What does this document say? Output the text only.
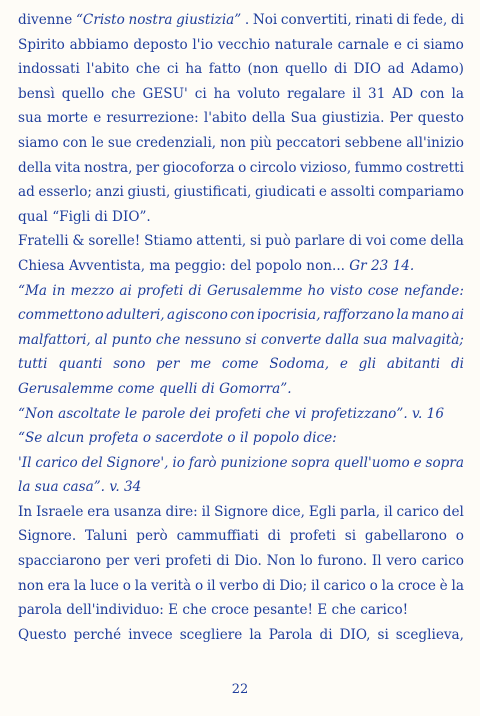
divenne “Cristo nostra giustizia” . Noi convertiti, rinati di fede, di
Spirito abbiamo deposto l'io vecchio naturale carnale e ci siamo
indossati l'abito che ci ha fatto (non quello di DIO ad Adamo)
bensì quello che GESU' ci ha voluto regalare il 31 AD con la
sua morte e resurrezione: l'abito della Sua giustizia. Per questo
siamo con le sue credenziali, non più peccatori sebbene all'inizio
della vita nostra, per giocoforza o circolo vizioso, fummo costretti
ad esserlo; anzi giusti, giustificati, giudicati e assolti compariamo
qual “Figli di DIO”.
Fratelli & sorelle! Stiamo attenti, si può parlare di voi come della
Chiesa Avventista, ma peggio: del popolo non... Gr 23 14.
“Ma in mezzo ai profeti di Gerusalemme ho visto cose nefande:
commettono adulteri, agiscono con ipocrisia, rafforzano la mano ai
malfattori, al punto che nessuno si converte dalla sua malvagità;
tutti quanti sono per me come Sodoma, e gli abitanti di
Gerusalemme come quelli di Gomorra”.
“Non ascoltate le parole dei profeti che vi profetizzano”. v. 16
“Se alcun profeta o sacerdote o il popolo dice:
'Il carico del Signore', io farò punizione sopra quell'uomo e sopra
la sua casa”. v. 34
In Israele era usanza dire: il Signore dice, Egli parla, il carico del
Signore. Taluni però cammuffiati di profeti si gabellarono o
spacciarono per veri profeti di Dio. Non lo furono. Il vero carico
non era la luce o la verità o il verbo di Dio; il carico o la croce è la
parola dell'individuo: E che croce pesante! E che carico!
Questo perché invece scegliere la Parola di DIO, si sceglieva,
22
